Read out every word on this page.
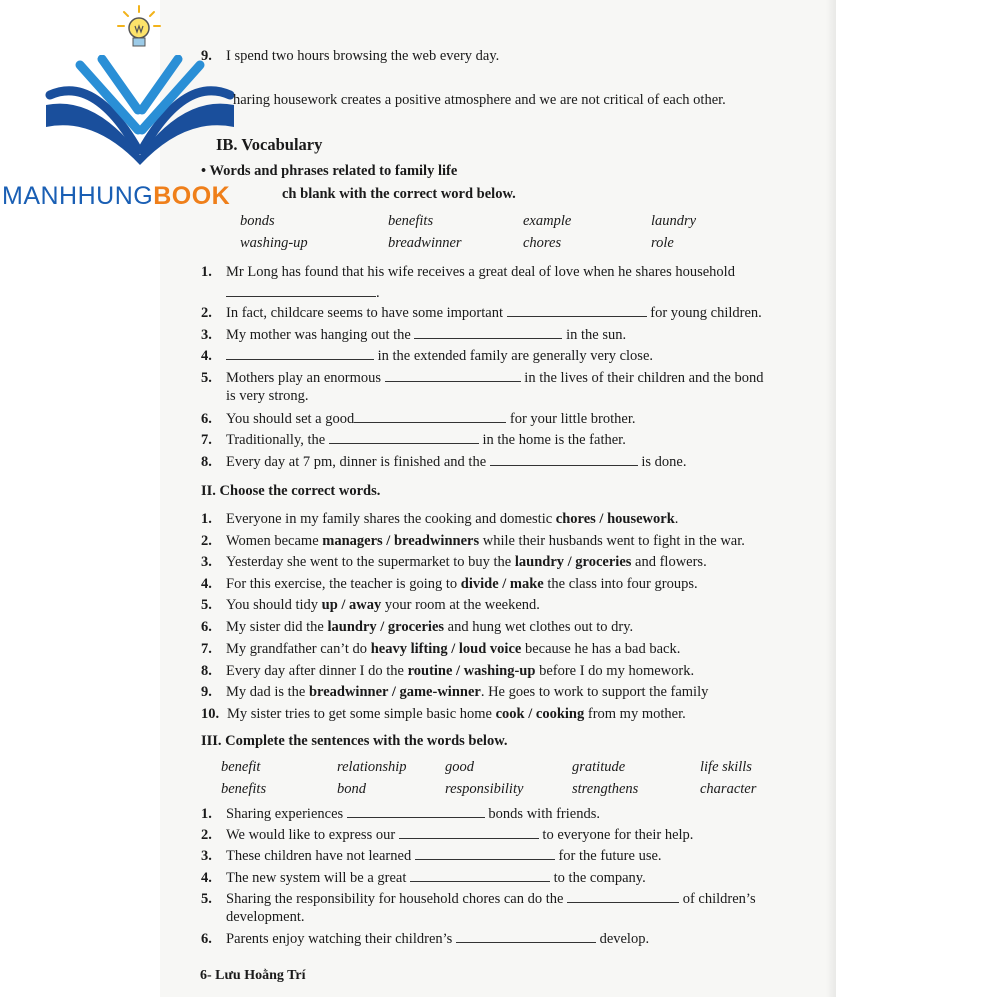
MANHHUNGBOOK
9. I spend two hours browsing the web every day.
haring housework creates a positive atmosphere and we are not critical of each other.
IB. Vocabulary
• Words and phrases related to family life
ch blank with the correct word below.
bonds	benefits	example	laundry
washing-up	breadwinner	chores	role
1. Mr Long has found that his wife receives a great deal of love when he shares household
.
2. In fact, childcare seems to have some important	for young children.
3. My mother was hanging out the	in the sun.
4.	in the extended family are generally very close.
5. Mothers play an enormous	in the lives of their children and the bond
is very strong.
6. You should set a good	for your little brother.
7. Traditionally, the	in the home is the father.
8. Every day at 7 pm, dinner is finished and the	is done.
II. Choose the correct words.
1. Everyone in my family shares the cooking and domestic chores / housework.
2. Women became managers / breadwinners while their husbands went to fight in the war.
3. Yesterday she went to the supermarket to buy the laundry / groceries and flowers.
4. For this exercise, the teacher is going to divide / make the class into four groups.
5. You should tidy up / away your room at the weekend.
6. My sister did the laundry / groceries and hung wet clothes out to dry.
7. My grandfather can’t do heavy lifting / loud voice because he has a bad back.
8. Every day after dinner I do the routine / washing-up before I do my homework.
9. My dad is the breadwinner / game-winner. He goes to work to support the family
10. My sister tries to get some simple basic home cook / cooking from my mother.
III. Complete the sentences with the words below.
benefit	relationship	good	gratitude	life skills
benefits	bond	responsibility	strengthens	character
1. Sharing experiences	bonds with friends.
2. We would like to express our	to everyone for their help.
3. These children have not learned	for the future use.
4. The new system will be a great	to the company.
5. Sharing the responsibility for household chores can do the	of children’s
development.
6. Parents enjoy watching their children’s	develop.
6- Lưu Hoằng Trí
